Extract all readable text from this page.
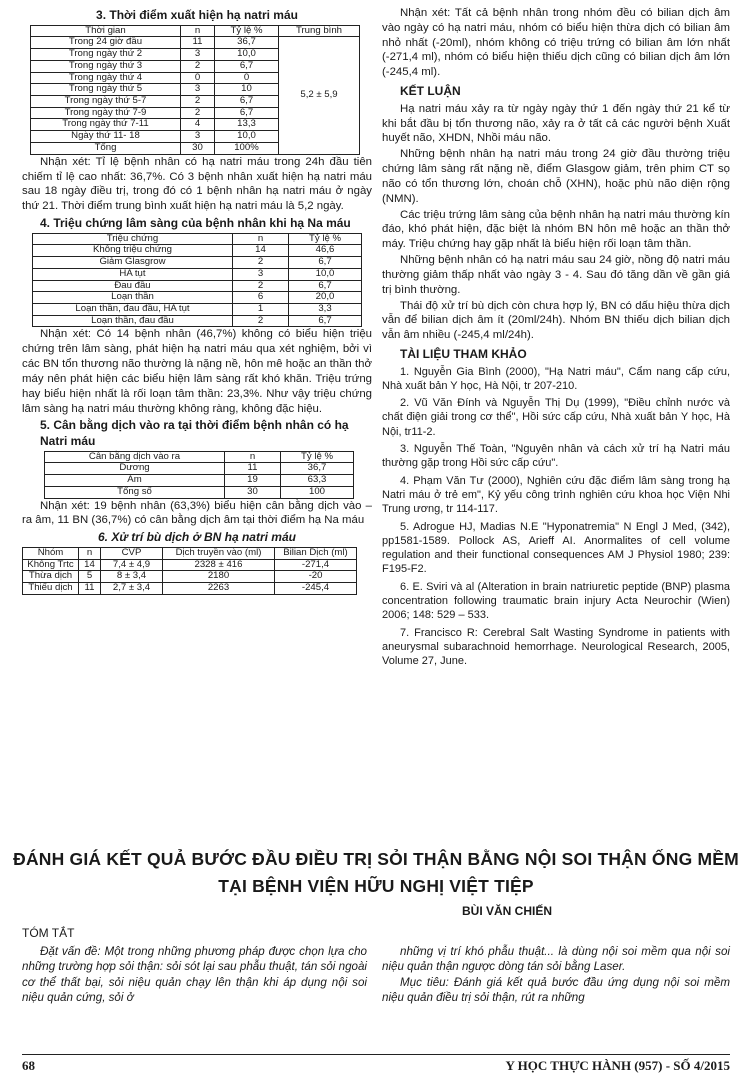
3. Thời điểm xuất hiện hạ natri máu
Thời gian	n	Tỷ lệ %	Trung bình
Trong 24 giờ đầu	11	36,7	5,2 ± 5,9
Trong ngày thứ 2	3	10,0	
Trong ngày thứ 3	2	6,7	
Trong ngày thứ 4	0	0	
Trong ngày thứ 5	3	10	
Trong ngày thứ 5-7	2	6,7	
Trong ngày thứ 7-9	2	6,7	
Trong ngày thứ 7-11	4	13,3	
Ngày thứ 11- 18	3	10,0	
Tổng	30	100%	

Nhận xét: Tỉ lệ bệnh nhân có hạ natri máu trong 24h đầu tiên chiếm tỉ lệ cao nhất: 36,7%. Có 3 bệnh nhân xuất hiện hạ natri máu sau 18 ngày điều trị, trong đó có 1 bệnh nhân hạ natri máu ở ngày thứ 21. Thời điểm trung bình xuất hiện hạ natri máu là 5,2 ngày.

4. Triệu chứng lâm sàng của bệnh nhân khi hạ Na máu
Triệu chứng	n	Tỷ lệ %
Không triệu chứng	14	46,6
Giảm Glasgrow	2	6,7
HA tụt	3	10,0
Đau đầu	2	6,7
Loạn thần	6	20,0
Loạn thần, đau đầu, HA tụt	1	3,3
Loạn thần, đau đầu	2	6,7

Nhận xét: Có 14 bệnh nhân (46,7%) không có biểu hiện triệu chứng trên lâm sàng, phát hiện hạ natri máu qua xét nghiệm, bởi vì các BN tổn thương não thường là nặng nề, hôn mê hoặc an thần thở máy nên phát hiện các biểu hiện lâm sàng rất khó khăn. Triệu trứng hay biểu hiện nhất là rối loạn tâm thần: 23,3%. Như vậy triệu chứng lâm sàng hạ natri máu thường không ràng, không đặc hiệu.

5. Cân bằng dịch vào ra tại thời điểm bệnh nhân có hạ Natri máu
Cân bằng dịch vào ra	n	Tỷ lệ %
Dương	11	36,7
Âm	19	63,3
Tổng số	30	100

Nhận xét: 19 bệnh nhân (63,3%) biểu hiện cân bằng dịch vào – ra âm, 11 BN (36,7%) có cân bằng dịch âm tại thời điểm hạ Na máu

6. Xử trí bù dịch ở BN hạ natri máu
Nhóm	n	CVP	Dịch truyền vào (ml)	Bilian Dịch (ml)
Không Trtc	14	7,4 ± 4,9	2328 ± 416	-271,4
Thừa dịch	5	8 ± 3,4	2180	-20
Thiếu dịch	11	2,7 ± 3,4	2263	-245,4

Nhận xét: Tất cả bệnh nhân trong nhóm đều có bilian dịch âm vào ngày có hạ natri máu, nhóm có biểu hiện thừa dịch có bilian âm nhỏ nhất (-20ml), nhóm không có triệu trứng có bilian âm lớn nhất (-271,4 ml), nhóm có biểu hiện thiếu dịch cũng có bilian dịch âm lớn (-245,4 ml).

KẾT LUẬN

Hạ natri máu xảy ra từ ngày ngày thứ 1 đến ngày thứ 21 kể từ khi bắt đầu bị tổn thương não, xảy ra ở tất cả các người bệnh Xuất huyết não, XHDN, Nhồi máu não.

Những bệnh nhân hạ natri máu trong 24 giờ đầu thường triệu chứng lâm sàng rất nặng nề, điểm Glasgow giảm, trên phim CT sọ não có tổn thương lớn, choán chỗ (XHN), hoặc phù não diện rộng (NMN).

Các triệu trứng lâm sàng của bệnh nhân hạ natri máu thường kín đáo, khó phát hiện, đặc biệt là nhóm BN hôn mê hoặc an thần thở máy. Triệu chứng hay gặp nhất là biểu hiện rối loạn tâm thần.

Những bệnh nhân có hạ natri máu sau 24 giờ, nồng độ natri máu thường giảm thấp nhất vào ngày 3 - 4. Sau đó tăng dần về gần giá trị bình thường.

Thái độ xử trí bù dịch còn chưa hợp lý, BN có dấu hiệu thừa dịch vẫn để bilian dịch âm ít (20ml/24h). Nhóm BN thiếu dịch bilian dịch vẫn âm nhiều (-245,4 ml/24h).

TÀI LIỆU THAM KHẢO

1. Nguyễn Gia Bình (2000), "Hạ Natri máu", Cẩm nang cấp cứu, Nhà xuất bản Y học, Hà Nội, tr 207-210.

2. Vũ Văn Đính và Nguyễn Thị Dụ (1999), "Điều chỉnh nước và chất điện giải trong cơ thể", Hồi sức cấp cứu, Nhà xuất bản Y học, Hà Nội, tr11-2.

3. Nguyễn Thế Toàn, "Nguyên nhân và cách xử trí hạ Natri máu thường gặp trong Hồi sức cấp cứu".

4. Phạm Văn Tư (2000), Nghiên cứu đặc điểm lâm sàng trong hạ Natri máu ở trẻ em", Kỷ yếu công trình nghiên cứu khoa học Viện Nhi Trung ương, tr 114-117.

5. Adrogue HJ, Madias N.E "Hyponatremia" N Engl J Med, (342), pp1581-1589. Pollock AS, Arieff AI. Anormalites of cell volume regulation and their functional consequences AM J Physiol 1980; 239: F195-F2.

6. E. Sviri và al (Alteration in brain natriuretic peptide (BNP) plasma concentration following traumatic brain injury Acta Neurochir (Wien) 2006; 148: 529 – 533.

7. Francisco R: Cerebral Salt Wasting Syndrome in patients with aneurysmal subarachnoid hemorrhage. Neurological Research, 2005, Volume 27, June.

ĐÁNH GIÁ KẾT QUẢ BƯỚC ĐẦU ĐIỀU TRỊ SỎI THẬN BẰNG NỘI SOI THẬN ỐNG MỀM
TẠI BỆNH VIỆN HỮU NGHỊ VIỆT TIỆP
BÙI VĂN CHIẾN
TÓM TẮT

Đặt vấn đề: Một trong những phương pháp được chọn lựa cho những trường hợp sỏi thận: sỏi sót lại sau phẫu thuật, tán sỏi ngoài cơ thể thất bại, sỏi niệu quản chạy lên thận khi áp dụng nội soi niệu quản cứng, sỏi ở

những vị trí khó phẫu thuật... là dùng nội soi mềm qua nội soi niệu quản thận ngược dòng tán sỏi bằng Laser.

Mục tiêu: Đánh giá kết quả bước đầu ứng dụng nội soi mềm niệu quản điều trị sỏi thận, rút ra những

68	Y HỌC THỰC HÀNH (957) - SỐ 4/2015
